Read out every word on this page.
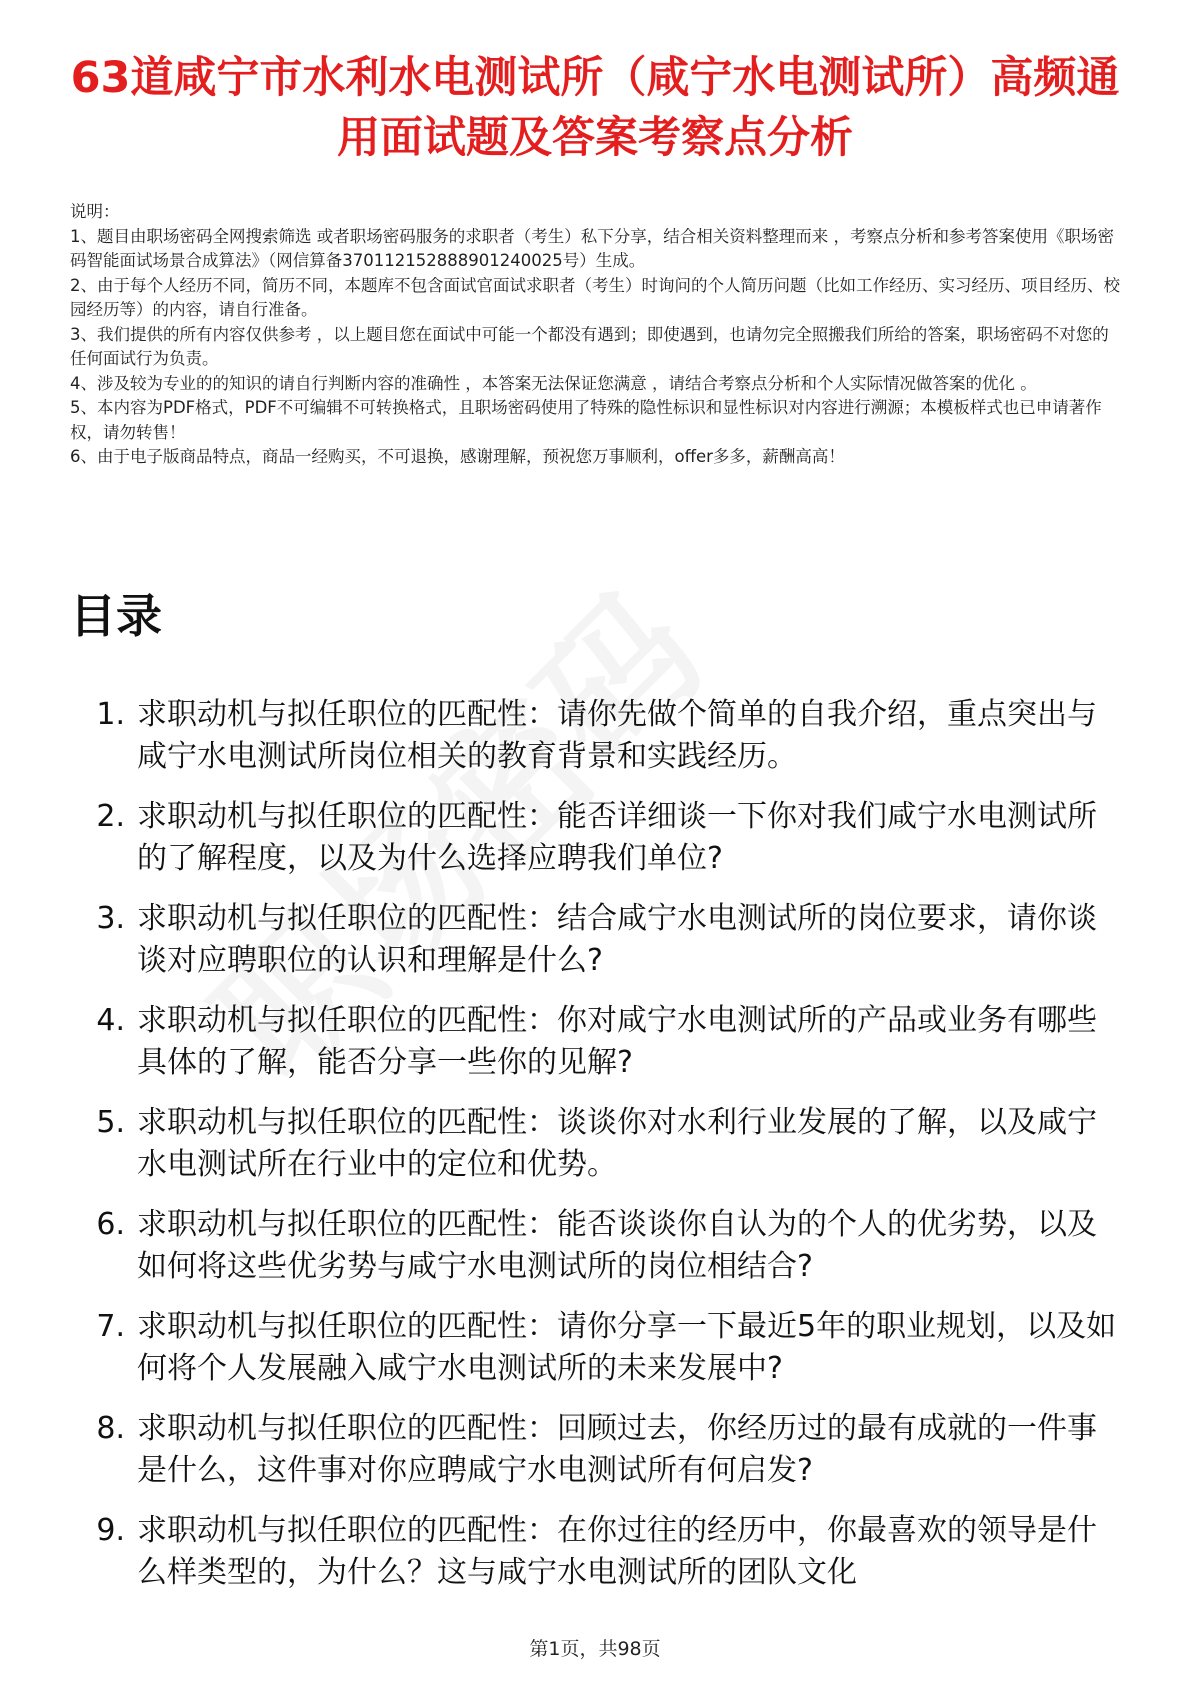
63道咸宁市水利水电测试所（咸宁水电测试所）高频通用面试题及答案考察点分析

说明：

1、题目由职场密码全网搜索筛选 或者职场密码服务的求职者（考生）私下分享，结合相关资料整理而来 ，考察点分析和参考答案使用《职场密码智能面试场景合成算法》（网信算备370112152888901240025号）生成。

2、由于每个人经历不同，简历不同，本题库不包含面试官面试求职者（考生）时询问的个人简历问题（比如工作经历、实习经历、项目经历、校园经历等）的内容，请自行准备。

3、我们提供的所有内容仅供参考 ，以上题目您在面试中可能一个都没有遇到；即使遇到，也请勿完全照搬我们所给的答案，职场密码不对您的任何面试行为负责。

4、涉及较为专业的的知识的请自行判断内容的准确性 ，本答案无法保证您满意 ，请结合考察点分析和个人实际情况做答案的优化 。

5、本内容为PDF格式，PDF不可编辑不可转换格式，且职场密码使用了特殊的隐性标识和显性标识对内容进行溯源；本模板样式也已申请著作权，请勿转售！

6、由于电子版商品特点，商品一经购买，不可退换，感谢理解，预祝您万事顺利，offer多多，薪酬高高！

目录
1. 求职动机与拟任职位的匹配性：请你先做个简单的自我介绍，重点突出与咸宁水电测试所岗位相关的教育背景和实践经历。
2. 求职动机与拟任职位的匹配性：能否详细谈一下你对我们咸宁水电测试所的了解程度，以及为什么选择应聘我们单位?
3. 求职动机与拟任职位的匹配性：结合咸宁水电测试所的岗位要求，请你谈谈对应聘职位的认识和理解是什么?
4. 求职动机与拟任职位的匹配性：你对咸宁水电测试所的产品或业务有哪些具体的了解，能否分享一些你的见解?
5. 求职动机与拟任职位的匹配性：谈谈你对水利行业发展的了解，以及咸宁水电测试所在行业中的定位和优势。
6. 求职动机与拟任职位的匹配性：能否谈谈你自认为的个人的优劣势，以及如何将这些优劣势与咸宁水电测试所的岗位相结合?
7. 求职动机与拟任职位的匹配性：请你分享一下最近5年的职业规划，以及如何将个人发展融入咸宁水电测试所的未来发展中?
8. 求职动机与拟任职位的匹配性：回顾过去，你经历过的最有成就的一件事是什么，这件事对你应聘咸宁水电测试所有何启发?
9. 求职动机与拟任职位的匹配性：在你过往的经历中，你最喜欢的领导是什么样类型的，为什么？这与咸宁水电测试所的团队文化
第1页，共98页
